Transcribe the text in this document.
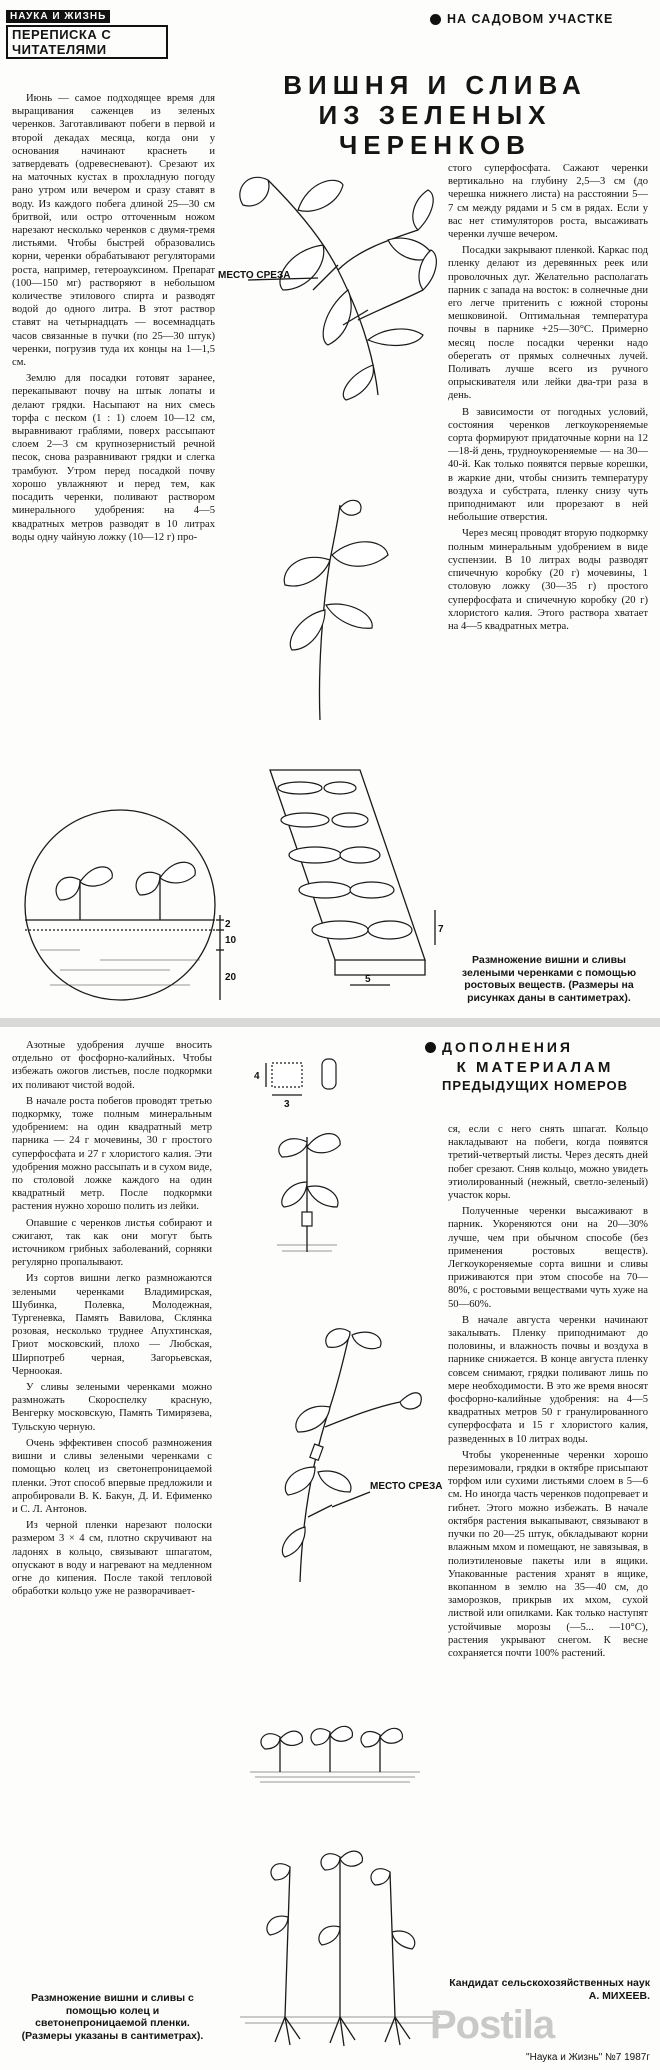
НАУКА И ЖИЗНЬ
ПЕРЕПИСКА С ЧИТАТЕЛЯМИ
НА САДОВОМ УЧАСТКЕ
ВИШНЯ И СЛИВА
ИЗ ЗЕЛЕНЫХ ЧЕРЕНКОВ

Июнь — самое подходящее время для выращивания саженцев из зеленых черенков. Заготавливают побеги в первой и второй декадах месяца, когда они у основания начинают краснеть и затвердевать (одревесневают). Срезают их на маточных кустах в прохладную погоду рано утром или вечером и сразу ставят в воду. Из каждого побега длиной 25—30 см бритвой, или остро отточенным ножом нарезают несколько черенков с двумя-тремя листьями. Чтобы быстрей образовались корни, черенки обрабатывают регуляторами роста, например, гетероауксином. Препарат (100—150 мг) растворяют в небольшом количестве этилового спирта и разводят водой до одного литра. В этот раствор ставят на четырнадцать — восемнадцать часов связанные в пучки (по 25—30 штук) черенки, погрузив туда их концы на 1—1,5 см.

Землю для посадки готовят заранее, перекапывают почву на штык лопаты и делают грядки. Насыпают на них смесь торфа с песком (1 : 1) слоем 10—12 см, выравнивают граблями, поверх рассыпают слоем 2—3 см крупнозернистый речной песок, снова разравнивают грядки и слегка трамбуют. Утром перед посадкой почву хорошо увлажняют и перед тем, как посадить черенки, поливают раствором минерального удобрения: на 4—5 квадратных метров разводят в 10 литрах воды одну чайную ложку (10—12 г) про-

стого суперфосфата. Сажают черенки вертикально на глубину 2,5—3 см (до черешка нижнего листа) на расстоянии 5—7 см между рядами и 5 см в рядах. Если у вас нет стимуляторов роста, высаживать черенки лучше вечером.

Посадки закрывают пленкой. Каркас под пленку делают из деревянных реек или проволочных дуг. Желательно располагать парник с запада на восток: в солнечные дни его легче притенить с южной стороны мешковиной. Оптимальная температура почвы в парнике +25—30°С. Примерно месяц после посадки черенки надо оберегать от прямых солнечных лучей. Поливать лучше всего из ручного опрыскивателя или лейки два-три раза в день.

В зависимости от погодных условий, состояния черенков легкоукореняемые сорта формируют придаточные корни на 12—18-й день, трудноукореняемые — на 30—40-й. Как только появятся первые корешки, в жаркие дни, чтобы снизить температуру воздуха и субстрата, пленку снизу чуть приподнимают или прорезают в ней небольшие отверстия.

Через месяц проводят вторую подкормку полным минеральным удобрением в виде суспензии. В 10 литрах воды разводят спичечную коробку (20 г) мочевины, 1 столовую ложку (30—35 г) простого суперфосфата и спичечную коробку (20 г) хлористого калия. Этого раствора хватает на 4—5 квадратных метра.

МЕСТО СРЕЗА
2
10
20	5
7
Размножение вишни и сливы зелеными черенками с помощью ростовых веществ. (Размеры на рисунках даны в сантиметрах).
ДОПОЛНЕНИЯ
К МАТЕРИАЛАМ
ПРЕДЫДУЩИХ НОМЕРОВ

Азотные удобрения лучше вносить отдельно от фосфорно-калийных. Чтобы избежать ожогов листьев, после подкормки их поливают чистой водой.

В начале роста побегов проводят третью подкормку, тоже полным минеральным удобрением: на один квадратный метр парника — 24 г мочевины, 30 г простого суперфосфата и 27 г хлористого калия. Эти удобрения можно рассыпать и в сухом виде, по столовой ложке каждого на один квадратный метр. После подкормки растения нужно хорошо полить из лейки.

Опавшие с черенков листья собирают и сжигают, так как они могут быть источником грибных заболеваний, сорняки регулярно пропалывают.

Из сортов вишни легко размножаются зелеными черенками Владимирская, Шубинка, Полевка, Молодежная, Тургеневка, Память Вавилова, Склянка розовая, несколько труднее Апухтинская, Гриот московский, плохо — Любская, Ширпотреб черная, Загорьевская, Черноокая.

У сливы зелеными черенками можно размножать Скороспелку красную, Венгерку московскую, Память Тимирязева, Тульскую черную.

Очень эффективен способ размножения вишни и сливы зелеными черенками с помощью колец из светонепроницаемой пленки. Этот способ впервые предложили и апробировали В. К. Бакун, Д. И. Ефименко и С. Л. Антонов.

Из черной пленки нарезают полоски размером 3 × 4 см, плотно скручивают на ладонях в кольцо, связывают шпагатом, опускают в воду и нагревают на медленном огне до кипения. После такой тепловой обработки кольцо уже не разворачивает-

ся, если с него снять шпагат. Кольцо накладывают на побеги, когда появятся третий-четвертый листы. Через десять дней побег срезают. Сняв кольцо, можно увидеть этиолированный (нежный, светло-зеленый) участок коры.

Полученные черенки высаживают в парник. Укореняются они на 20—30% лучше, чем при обычном способе (без применения ростовых веществ). Легкоукореняемые сорта вишни и сливы приживаются при этом способе на 70—80%, с ростовыми веществами чуть хуже на 50—60%.

В начале августа черенки начинают закалывать. Пленку приподнимают до половины, и влажность почвы и воздуха в парнике снижается. В конце августа пленку совсем снимают, грядки поливают лишь по мере необходимости. В это же время вносят фосфорно-калийные удобрения: на 4—5 квадратных метров 50 г гранулированного суперфосфата и 15 г хлористого калия, разведенных в 10 литрах воды.

Чтобы укорененные черенки хорошо перезимовали, грядки в октябре присыпают торфом или сухими листьями слоем в 5—6 см. Но иногда часть черенков подопревает и гибнет. Этого можно избежать. В начале октября растения выкапывают, связывают в пучки по 20—25 штук, обкладывают корни влажным мхом и помещают, не завязывая, в полиэтиленовые пакеты или в ящики. Упакованные растения хранят в ящике, вкопанном в землю на 35—40 см, до заморозков, прикрыв их мхом, сухой листвой или опилками. Как только наступят устойчивые морозы (—5... —10°С), растения укрывают снегом. К весне сохраняется почти 100% растений.

4
3
МЕСТО СРЕЗА
Размножение вишни и сливы с помощью колец и светонепроницаемой пленки. (Размеры указаны в сантиметрах).	Postila
Кандидат сельскохозяйственных наук
А. МИХЕЕВ.
"Наука и Жизнь" №7 1987г
